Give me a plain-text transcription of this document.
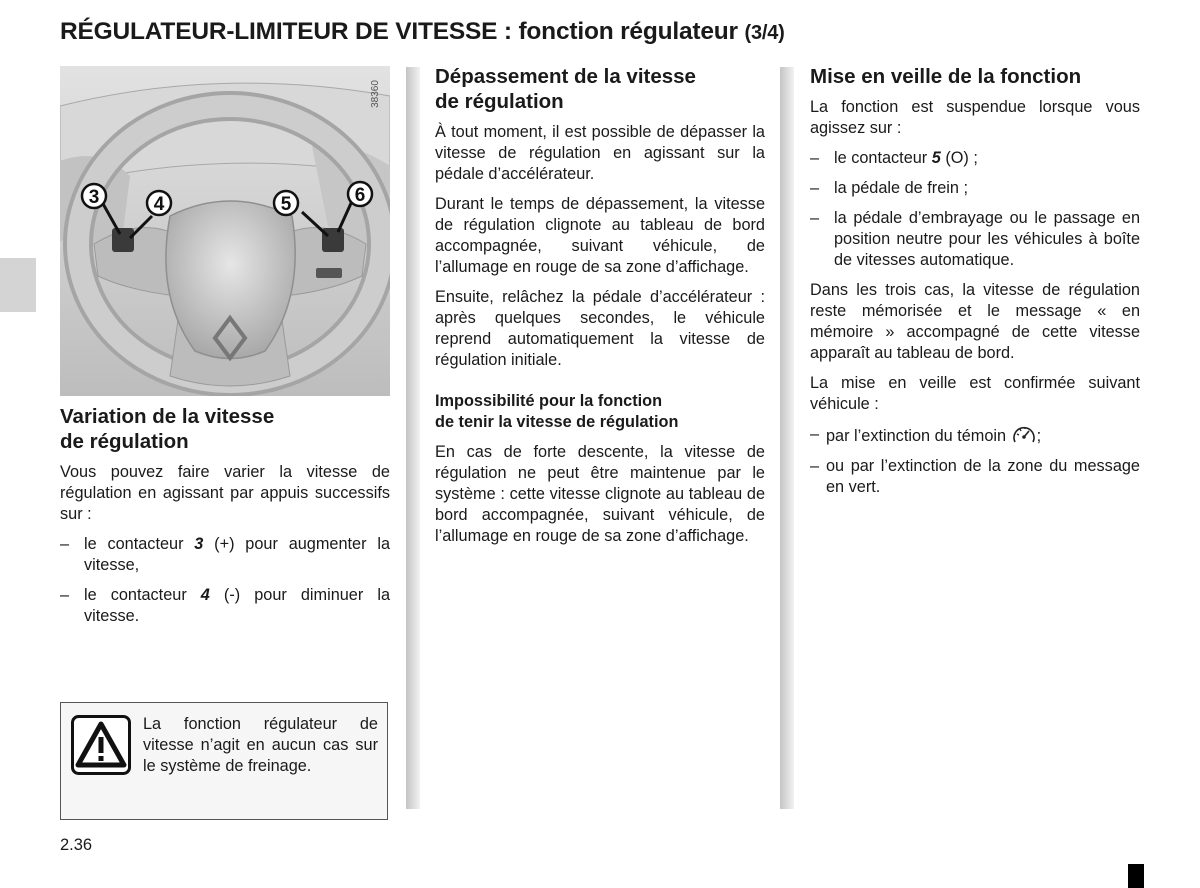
RÉGULATEUR-LIMITEUR DE VITESSE : fonction régulateur (3/4)
3	4	5	6
38360
Variation de la vitesse
de régulation

Vous pouvez faire varier la vitesse de régulation en agissant par appuis successifs sur :

– le contacteur 3 (+) pour augmenter la vitesse,
– le contacteur 4 (-) pour diminuer la vitesse.
La fonction régulateur de vitesse n’agit en aucun cas sur le système de freinage.
Dépassement de la vitesse
de régulation

À tout moment, il est possible de dépasser la vitesse de régulation en agissant sur la pédale d’accélérateur.

Durant le temps de dépassement, la vitesse de régulation clignote au tableau de bord accompagnée, suivant véhicule, de l’allumage en rouge de sa zone d’affichage.

Ensuite, relâchez la pédale d’accélérateur : après quelques secondes, le véhicule reprend automatiquement la vitesse de régulation initiale.

Impossibilité pour la fonction
de tenir la vitesse de régulation

En cas de forte descente, la vitesse de régulation ne peut être maintenue par le système : cette vitesse clignote au tableau de bord accompagnée, suivant véhicule, de l’allumage en rouge de sa zone d’affichage.

Mise en veille de la fonction

La fonction est suspendue lorsque vous agissez sur :

– le contacteur 5 (O) ;
– la pédale de frein ;
– la pédale d’embrayage ou le passage en position neutre pour les véhicules à boîte de vitesses automatique.

Dans les trois cas, la vitesse de régulation reste mémorisée et le message « en mémoire » accompagné de cette vitesse apparaît au tableau de bord.

La mise en veille est confirmée suivant véhicule :

– par l’extinction du témoin ;
– ou par l’extinction de la zone du message en vert.
2.36
